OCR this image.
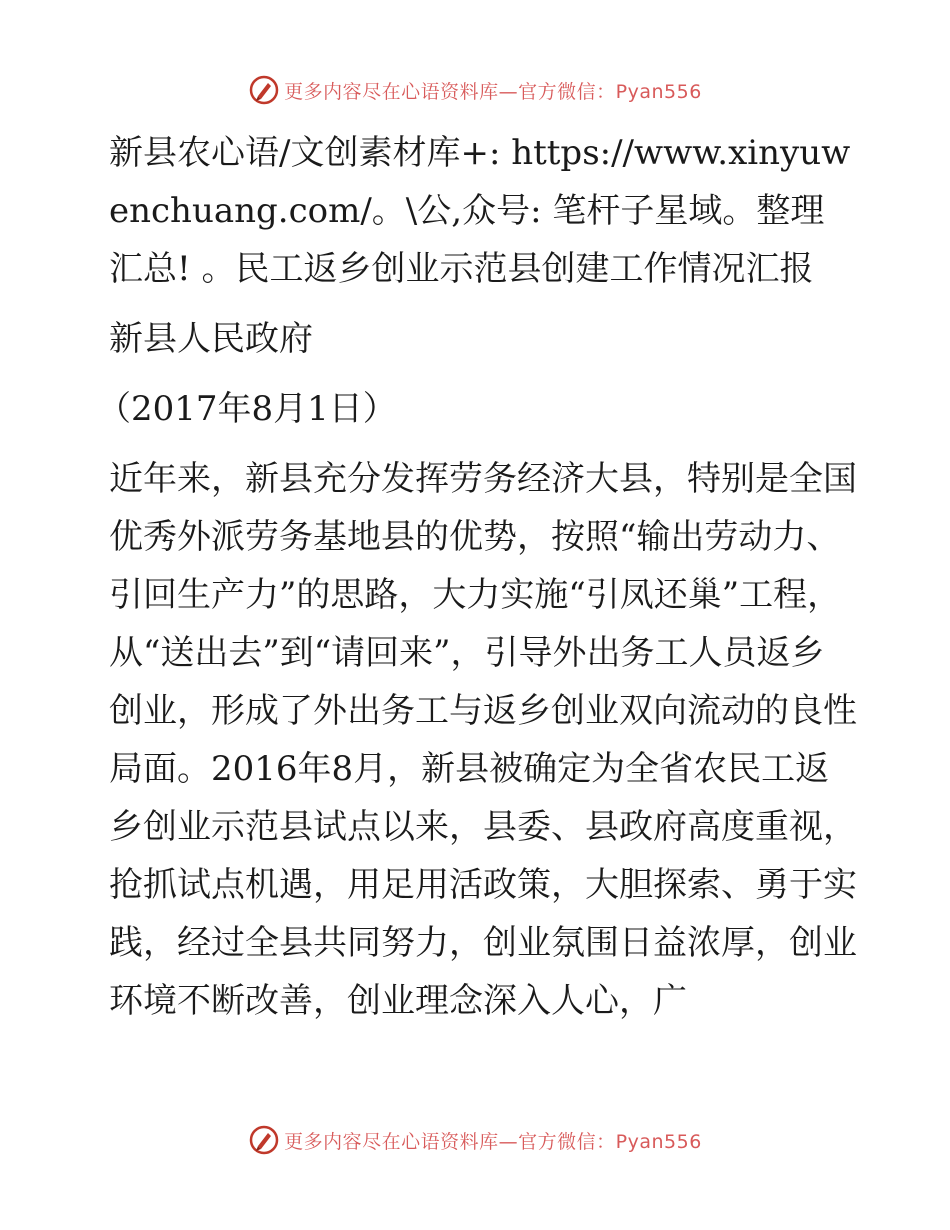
更多内容尽在心语资料库—官方微信：Pyan556

新县农心语/文创素材库+: https://www.xinyuwenchuang.com/。\公,众号: 笔杆子星域。整理汇总! 。民工返乡创业示范县创建工作情况汇报

新县人民政府

（2017年8月1日）

近年来，新县充分发挥劳务经济大县，特别是全国优秀外派劳务基地县的优势，按照“输出劳动力、引回生产力”的思路，大力实施“引凤还巢”工程，从“送出去”到“请回来”，引导外出务工人员返乡创业，形成了外出务工与返乡创业双向流动的良性局面。2016年8月，新县被确定为全省农民工返乡创业示范县试点以来，县委、县政府高度重视，抢抓试点机遇，用足用活政策，大胆探索、勇于实践，经过全县共同努力，创业氛围日益浓厚，创业环境不断改善，创业理念深入人心，广

更多内容尽在心语资料库—官方微信：Pyan556
